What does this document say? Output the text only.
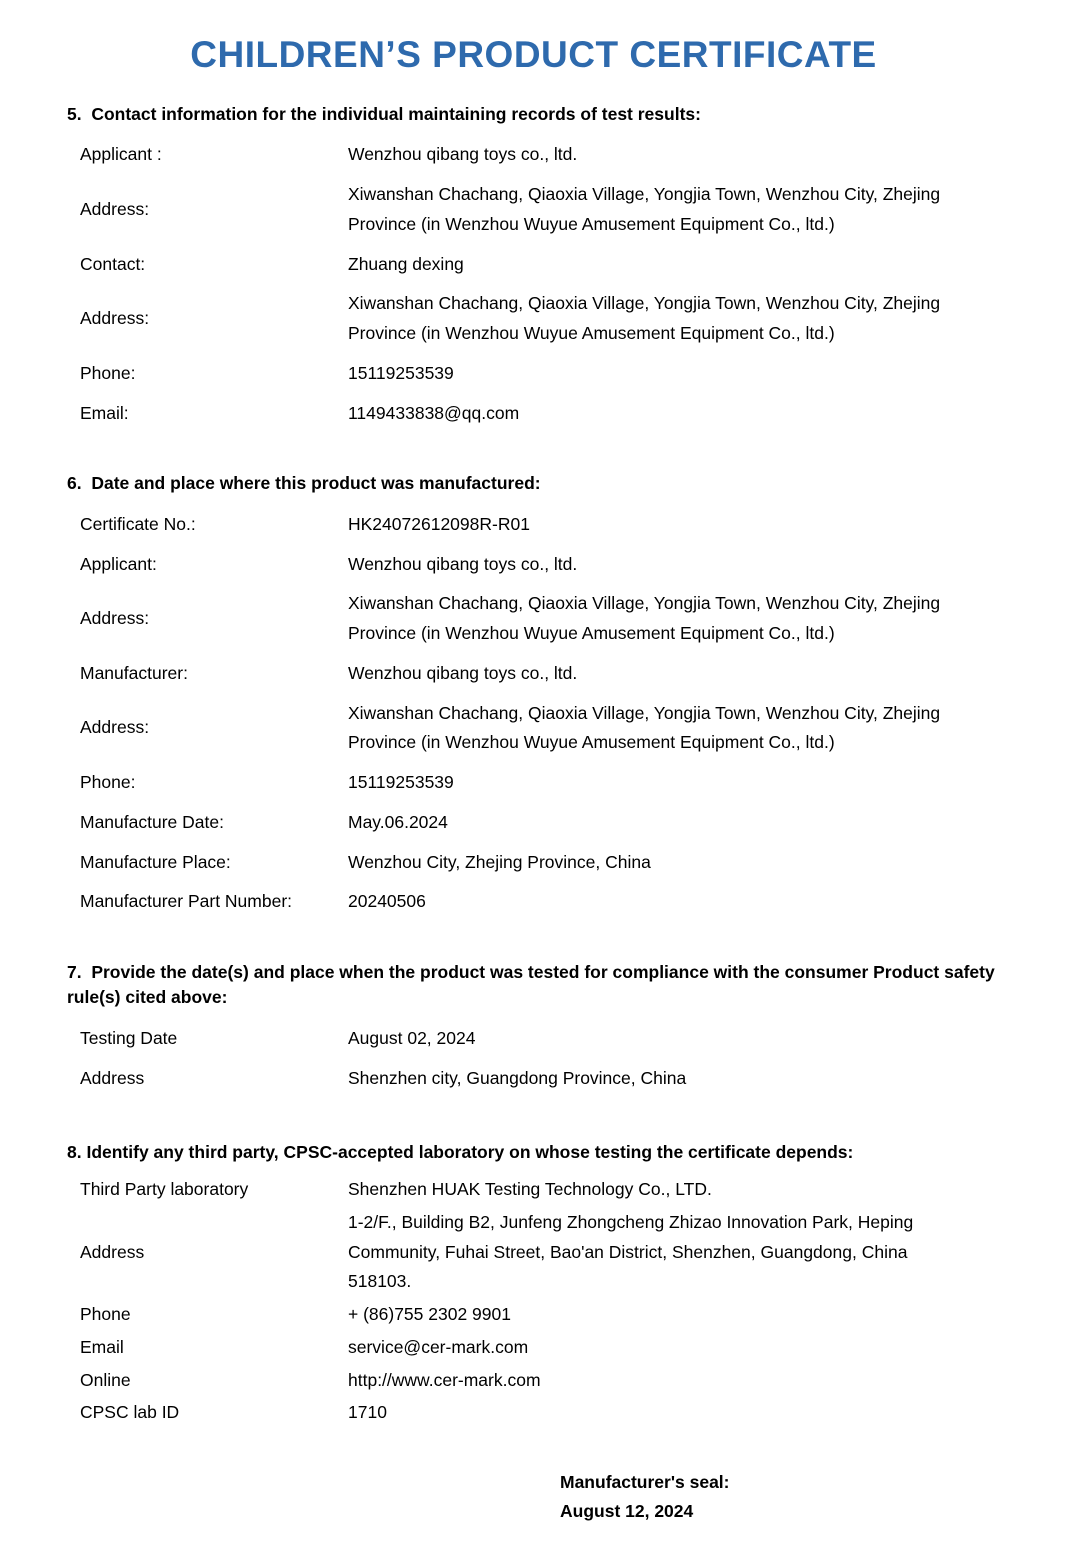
CHILDREN’S PRODUCT CERTIFICATE
5.  Contact information for the individual maintaining records of test results:
Applicant :	Wenzhou qibang toys co., ltd.
Address:
Xiwanshan Chachang, Qiaoxia Village, Yongjia Town, Wenzhou City, Zhejing Province (in Wenzhou Wuyue Amusement Equipment Co., ltd.)
Contact:	Zhuang dexing
Address:
Xiwanshan Chachang, Qiaoxia Village, Yongjia Town, Wenzhou City, Zhejing Province (in Wenzhou Wuyue Amusement Equipment Co., ltd.)
Phone:	15119253539
Email:	1149433838@qq.com
6.  Date and place where this product was manufactured:
Certificate No.:	HK24072612098R-R01
Applicant:	Wenzhou qibang toys co., ltd.
Address:
Xiwanshan Chachang, Qiaoxia Village, Yongjia Town, Wenzhou City, Zhejing Province (in Wenzhou Wuyue Amusement Equipment Co., ltd.)
Manufacturer:	Wenzhou qibang toys co., ltd.
Address:
Xiwanshan Chachang, Qiaoxia Village, Yongjia Town, Wenzhou City, Zhejing Province (in Wenzhou Wuyue Amusement Equipment Co., ltd.)
Phone:	15119253539
Manufacture Date:	May.06.2024
Manufacture Place:	Wenzhou City, Zhejing Province, China
Manufacturer Part Number:	20240506
7.  Provide the date(s) and place when the product was tested for compliance with the consumer Product safety rule(s) cited above:
Testing Date	August 02, 2024
Address	Shenzhen city, Guangdong Province, China
8. Identify any third party, CPSC-accepted laboratory on whose testing the certificate depends:
Third Party laboratory	Shenzhen HUAK Testing Technology Co., LTD.
Address
1-2/F., Building B2, Junfeng Zhongcheng Zhizao Innovation Park, Heping Community, Fuhai Street, Bao'an District, Shenzhen, Guangdong, China 518103.
Phone	+ (86)755 2302 9901
Email	service@cer-mark.com
Online	http://www.cer-mark.com
CPSC lab ID	1710
Manufacturer's seal:
August 12, 2024
